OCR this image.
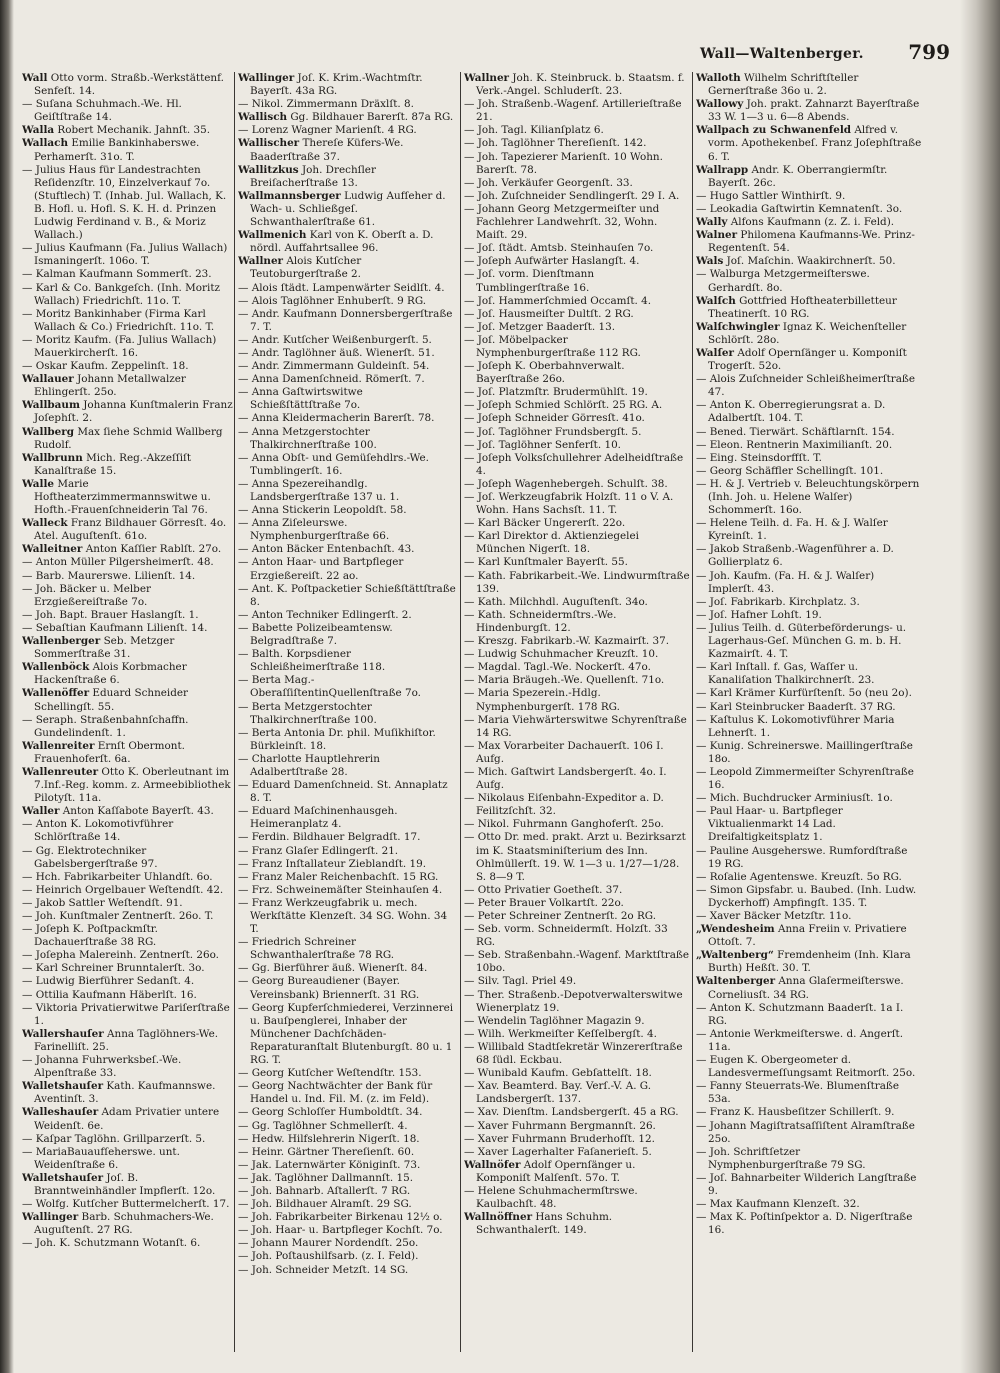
Wall—Waltenberger. 799

Wall Otto vorm. Straßb.-Werkstättenf. Senfeſt. 14.

— Suſana Schuhmach.-We. Hl. Geiſtſtraße 14.

Walla Robert Mechanik. Jahnſt. 35.

Wallach Emilie Bankinhaberswe. Perhamerſt. 31o. T.

— Julius Haus für Landestrachten Reſidenzſtr. 10, Einzelverkauf 7o. (Stuftlech) T. (Inhab. Jul. Wallach, K. B. Hofl. u. Hofl. S. K. H. d. Prinzen Ludwig Ferdinand v. B., & Moriz Wallach.)

— Julius Kaufmann (Fa. Julius Wallach) Ismaningerſt. 106o. T.

— Kalman Kaufmann Sommerſt. 23.

— Karl & Co. Bankgeſch. (Inh. Moritz Wallach) Friedrichſt. 11o. T.

— Moritz Bankinhaber (Firma Karl Wallach & Co.) Friedrichſt. 11o. T.

— Moritz Kaufm. (Fa. Julius Wallach) Mauerkircherſt. 16.

— Oskar Kaufm. Zeppelinſt. 18.

Wallauer Johann Metallwalzer Ehlingerſt. 25o.

Wallbaum Johanna Kunſtmalerin Franz Joſephſt. 2.

Wallberg Max ſiehe Schmid Wallberg Rudolf.

Wallbrunn Mich. Reg.-Akzeſſiſt Kanalſtraße 15.

Walle Marie Hoftheaterzimmermannswitwe u. Hofth.-Frauenſchneiderin Tal 76.

Walleck Franz Bildhauer Görresſt. 4o. Atel. Auguſtenſt. 61o.

Walleitner Anton Kaſſier Rablſt. 27o.

— Anton Müller Pilgersheimerſt. 48.

— Barb. Maurerswe. Lilienſt. 14.

— Joh. Bäcker u. Melber Erzgießereiſtraße 7o.

— Joh. Bapt. Brauer Haslangſt. 1.

— Sebaſtian Kaufmann Lilienſt. 14.

Wallenberger Seb. Metzger Sommerſtraße 31.

Wallenböck Alois Korbmacher Hackenſtraße 6.

Wallenöffer Eduard Schneider Schellingſt. 55.

— Seraph. Straßenbahnſchaffn. Gundelindenſt. 1.

Wallenreiter Ernſt Obermont. Frauenhoferſt. 6a.

Wallenreuter Otto K. Oberleutnant im 7.Inf.-Reg. komm. z. Armeebibliothek Pilotyſt. 11a.

Waller Anton Kaſſabote Bayerſt. 43.

— Anton K. Lokomotivführer Schlörſtraße 14.

— Gg. Elektrotechniker Gabelsbergerſtraße 97.

— Hch. Fabrikarbeiter Uhlandſt. 6o.

— Heinrich Orgelbauer Weſtendſt. 42.

— Jakob Sattler Weſtendſt. 91.

— Joh. Kunſtmaler Zentnerſt. 26o. T.

— Joſeph K. Poſtpackmſtr. Dachauerſtraße 38 RG.

— Joſepha Malereinh. Zentnerſt. 26o.

— Karl Schreiner Brunntalerſt. 3o.

— Ludwig Bierführer Sedanſt. 4.

— Ottilia Kaufmann Häberlſt. 16.

— Viktoria Privatierwitwe Pariſerſtraße 1.

Wallershauſer Anna Taglöhners-We. Farinelliſt. 25.

— Johanna Fuhrwerksbeſ.-We. Alpenſtraße 33.

Walletshauſer Kath. Kaufmannswe. Aventinſt. 3.

Walleshauſer Adam Privatier untere Weidenſt. 6e.

— Kaſpar Taglöhn. Grillparzerſt. 5.

— MariaBauaufſeherswe. unt. Weidenſtraße 6.

Walletshauſer Joſ. B. Branntweinhändler Impflerſt. 12o.

— Wolfg. Kutſcher Buttermelcherſt. 17.

Wallinger Barb. Schuhmachers-We. Auguſtenſt. 27 RG.

— Joh. K. Schutzmann Wotanſt. 6.

Wallinger Joſ. K. Krim.-Wachtmſtr. Bayerſt. 43a RG.

— Nikol. Zimmermann Dräxlſt. 8.

Wallisch Gg. Bildhauer Barerſt. 87a RG.

— Lorenz Wagner Marienſt. 4 RG.

Wallischer Thereſe Küfers-We. Baaderſtraße 37.

Wallitzkus Joh. Drechſler Breiſacherſtraße 13.

Wallmannsberger Ludwig Aufſeher d. Wach- u. Schließgeſ. Schwanthalerſtraße 61.

Wallmenich Karl von K. Oberſt a. D. nördl. Auffahrtsallee 96.

Wallner Alois Kutſcher Teutoburgerſtraße 2.

— Alois ſtädt. Lampenwärter Seidlſt. 4.

— Alois Taglöhner Enhuberſt. 9 RG.

— Andr. Kaufmann Donnersbergerſtraße 7. T.

— Andr. Kutſcher Weißenburgerſt. 5.

— Andr. Taglöhner äuß. Wienerſt. 51.

— Andr. Zimmermann Guldeinſt. 54.

— Anna Damenſchneid. Römerſt. 7.

— Anna Gaſtwirtswitwe Schießſtättſtraße 7o.

— Anna Kleidermacherin Barerſt. 78.

— Anna Metzgerstochter Thalkirchnerſtraße 100.

— Anna Obſt- und Gemüſehdlrs.-We. Tumblingerſt. 16.

— Anna Spezereihandlg. Landsbergerſtraße 137 u. 1.

— Anna Stickerin Leopoldſt. 58.

— Anna Ziſeleurswe. Nymphenburgerſtraße 66.

— Anton Bäcker Entenbachſt. 43.

— Anton Haar- und Bartpfleger Erzgießereiſt. 22 ao.

— Ant. K. Poſtpacketier Schießſtättſtraße 8.

— Anton Techniker Edlingerſt. 2.

— Babette Polizeibeamtensw. Belgradſtraße 7.

— Balth. Korpsdiener Schleißheimerſtraße 118.

— Berta Mag.-OberaſſiſtentinQuellenſtraße 7o.

— Berta Metzgerstochter Thalkirchnerſtraße 100.

— Berta Antonia Dr. phil. Muſikhiſtor. Bürkleinſt. 18.

— Charlotte Hauptlehrerin Adalbertſtraße 28.

— Eduard Damenſchneid. St. Annaplatz 8. T.

— Eduard Maſchinenhausgeh. Heimeranplatz 4.

— Ferdin. Bildhauer Belgradſt. 17.

— Franz Glaſer Edlingerſt. 21.

— Franz Inſtallateur Zieblandſt. 19.

— Franz Maler Reichenbachſt. 15 RG.

— Frz. Schweinemäſter Steinhauſen 4.

— Franz Werkzeugfabrik u. mech. Werkſtätte Klenzeſt. 34 SG. Wohn. 34 T.

— Friedrich Schreiner Schwanthalerſtraße 78 RG.

— Gg. Bierführer äuß. Wienerſt. 84.

— Georg Bureaudiener (Bayer. Vereinsbank) Briennerſt. 31 RG.

— Georg Kupferſchmiederei, Verzinnerei u. Bauſpenglerei, Inhaber der Münchener Dachſchäden-Reparaturanſtalt Blutenburgſt. 80 u. 1 RG. T.

— Georg Kutſcher Weſtendſtr. 153.

— Georg Nachtwächter der Bank für Handel u. Ind. Fil. M. (z. im Feld).

— Georg Schloſſer Humboldtſt. 34.

— Gg. Taglöhner Schmellerſt. 4.

— Hedw. Hilfslehrerin Nigerſt. 18.

— Heinr. Gärtner Thereſienſt. 60.

— Jak. Laternwärter Königinſt. 73.

— Jak. Taglöhner Dallmannſt. 15.

— Joh. Bahnarb. Aſtallerſt. 7 RG.

— Joh. Bildhauer Alramſt. 29 SG.

— Joh. Fabrikarbeiter Birkenau 12½ o.

— Joh. Haar- u. Bartpfleger Kochſt. 7o.

— Johann Maurer Nordendſt. 25o.

— Joh. Poſtaushilfsarb. (z. I. Feld).

— Joh. Schneider Metzſt. 14 SG.

Wallner Joh. K. Steinbruck. b. Staatsm. f. Verk.-Angel. Schluderſt. 23.

— Joh. Straßenb.-Wagenf. Artillerieſtraße 21.

— Joh. Tagl. Kilianſplatz 6.

— Joh. Taglöhner Thereſienſt. 142.

— Joh. Tapezierer Marienſt. 10 Wohn. Barerſt. 78.

— Joh. Verkäufer Georgenſt. 33.

— Joh. Zuſchneider Sendlingerſt. 29 I. A.

— Johann Georg Metzgermeiſter und Fachlehrer Landwehrſt. 32, Wohn. Maiſt. 29.

— Joſ. ſtädt. Amtsb. Steinhauſen 7o.

— Joſeph Aufwärter Haslangſt. 4.

— Joſ. vorm. Dienſtmann Tumblingerſtraße 16.

— Joſ. Hammerſchmied Occamſt. 4.

— Joſ. Hausmeiſter Dultſt. 2 RG.

— Joſ. Metzger Baaderſt. 13.

— Joſ. Möbelpacker Nymphenburgerſtraße 112 RG.

— Joſeph K. Oberbahnverwalt. Bayerſtraße 26o.

— Joſ. Platzmſtr. Brudermühlſt. 19.

— Joſeph Schmied Schlörſt. 25 RG. A.

— Joſeph Schneider Görresſt. 41o.

— Joſ. Taglöhner Frundsbergſt. 5.

— Joſ. Taglöhner Senferſt. 10.

— Joſeph Volksſchullehrer Adelheidſtraße 4.

— Joſeph Wagenhebergeh. Schulſt. 38.

— Joſ. Werkzeugfabrik Holzſt. 11 o V. A. Wohn. Hans Sachsſt. 11. T.

— Karl Bäcker Ungererſt. 22o.

— Karl Direktor d. Aktienziegelei München Nigerſt. 18.

— Karl Kunſtmaler Bayerſt. 55.

— Kath. Fabrikarbeit.-We. Lindwurmſtraße 139.

— Kath. Milchhdl. Auguſtenſt. 34o.

— Kath. Schneidermſtrs.-We. Hindenburgſt. 12.

— Kreszg. Fabrikarb.-W. Kazmairſt. 37.

— Ludwig Schuhmacher Kreuzſt. 10.

— Magdal. Tagl.-We. Nockerſt. 47o.

— Maria Bräugeh.-We. Quellenſt. 71o.

— Maria Spezerein.-Hdlg. Nymphenburgerſt. 178 RG.

— Maria Viehwärterswitwe Schyrenſtraße 14 RG.

— Max Vorarbeiter Dachauerſt. 106 I. Aufg.

— Mich. Gaſtwirt Landsbergerſt. 4o. I. Aufg.

— Nikolaus Eiſenbahn-Expeditor a. D. Feilitzſchſt. 32.

— Nikol. Fuhrmann Ganghoferſt. 25o.

— Otto Dr. med. prakt. Arzt u. Bezirksarzt im K. Staatsminiſterium des Inn. Ohlmüllerſt. 19. W. 1—3 u. 1/27—1/28. S. 8—9 T.

— Otto Privatier Goetheſt. 37.

— Peter Brauer Volkartſt. 22o.

— Peter Schreiner Zentnerſt. 2o RG.

— Seb. vorm. Schneidermſt. Holzſt. 33 RG.

— Seb. Straßenbahn.-Wagenf. Marktſtraße 10bo.

— Silv. Tagl. Priel 49.

— Ther. Straßenb.-Depotverwalterswitwe Wienerplatz 19.

— Wendelin Taglöhner Magazin 9.

— Wilh. Werkmeiſter Keſſelbergſt. 4.

— Willibald Stadtſekretär Winzererſtraße 68 ſüdl. Eckbau.

— Wunibald Kaufm. Gebſattelſt. 18.

— Xav. Beamterd. Bay. Verſ.-V. A. G. Landsbergerſt. 137.

— Xav. Dienſtm. Landsbergerſt. 45 a RG.

— Xaver Fuhrmann Bergmannſt. 26.

— Xaver Fuhrmann Bruderhofſt. 12.

— Xaver Lagerhalter Faſanerieſt. 5.

Wallnöfer Adolf Opernſänger u. Komponiſt Malſenſt. 57o. T.

— Helene Schuhmachermſtrswe. Kaulbachſt. 48.

Wallnöffner Hans Schuhm. Schwanthalerſt. 149.

Walloth Wilhelm Schriftſteller Gernerſtraße 36o u. 2.

Wallowy Joh. prakt. Zahnarzt Bayerſtraße 33 W. 1—3 u. 6—8 Abends.

Wallpach zu Schwanenfeld Alfred v. vorm. Apothekenbeſ. Franz Joſephſtraße 6. T.

Wallrapp Andr. K. Oberrangiermſtr. Bayerſt. 26c.

— Hugo Sattler Winthirſt. 9.

— Leokadia Gaſtwirtin Kemnatenſt. 3o.

Wally Alfons Kaufmann (z. Z. i. Feld).

Walner Philomena Kaufmanns-We. Prinz-Regentenſt. 54.

Wals Joſ. Maſchin. Waakirchnerſt. 50.

— Walburga Metzgermeiſterswe. Gerhardſt. 8o.

Walſch Gottfried Hoftheaterbilletteur Theatinerſt. 10 RG.

Walſchwingler Ignaz K. Weichenſteller Schlörſt. 28o.

Walſer Adolf Opernſänger u. Komponiſt Trogerſt. 52o.

— Alois Zuſchneider Schleißheimerſtraße 47.

— Anton K. Oberregierungsrat a. D. Adalbertſt. 104. T.

— Bened. Tierwärt. Schäftlarnſt. 154.

— Eleon. Rentnerin Maximilianſt. 20.

— Eing. Steinsdorffſt. T.

— Georg Schäffler Schellingſt. 101.

— H. & J. Vertrieb v. Beleuchtungskörpern (Inh. Joh. u. Helene Walſer) Schommerſt. 16o.

— Helene Teilh. d. Fa. H. & J. Walſer Kyreinſt. 1.

— Jakob Straßenb.-Wagenführer a. D. Gollierplatz 6.

— Joh. Kaufm. (Fa. H. & J. Walſer) Implerſt. 43.

— Joſ. Fabrikarb. Kirchplatz. 3.

— Joſ. Hafner Lohſt. 19.

— Julius Teilh. d. Güterbeförderungs- u. Lagerhaus-Geſ. München G. m. b. H. Kazmairſt. 4. T.

— Karl Inſtall. f. Gas, Waſſer u. Kanaliſation Thalkirchnerſt. 23.

— Karl Krämer Kurfürſtenſt. 5o (neu 2o).

— Karl Steinbrucker Baaderſt. 37 RG.

— Kaſtulus K. Lokomotivführer Maria Lehnerſt. 1.

— Kunig. Schreinerswe. Maillingerſtraße 18o.

— Leopold Zimmermeiſter Schyrenſtraße 16.

— Mich. Buchdrucker Arminiusſt. 1o.

— Paul Haar- u. Bartpfleger Viktualienmarkt 14 Lad. Dreifaltigkeitsplatz 1.

— Pauline Ausgeherswe. Rumfordſtraße 19 RG.

— Roſalie Agentenswe. Kreuzſt. 5o RG.

— Simon Gipsfabr. u. Baubed. (Inh. Ludw. Dyckerhoff) Ampfingſt. 135. T.

— Xaver Bäcker Metzſtr. 11o.

„Wendesheim Anna Freiin v. Privatiere Ottoſt. 7.

„Waltenberg“ Fremdenheim (Inh. Klara Burth) Heßſt. 30. T.

Waltenberger Anna Glaſermeiſterswe. Corneliusſt. 34 RG.

— Anton K. Schutzmann Baaderſt. 1a I. RG.

— Antonie Werkmeiſterswe. d. Angerſt. 11a.

— Eugen K. Obergeometer d. Landesvermeſſungsamt Reitmorſt. 25o.

— Fanny Steuerrats-We. Blumenſtraße 53a.

— Franz K. Hausbeſitzer Schillerſt. 9.

— Johann Magiſtratsaſſiſtent Alramſtraße 25o.

— Joh. Schriftſetzer Nymphenburgerſtraße 79 SG.

— Joſ. Bahnarbeiter Wilderich Langſtraße 9.

— Max Kaufmann Klenzeſt. 32.

— Max K. Poſtinſpektor a. D. Nigerſtraße 16.
